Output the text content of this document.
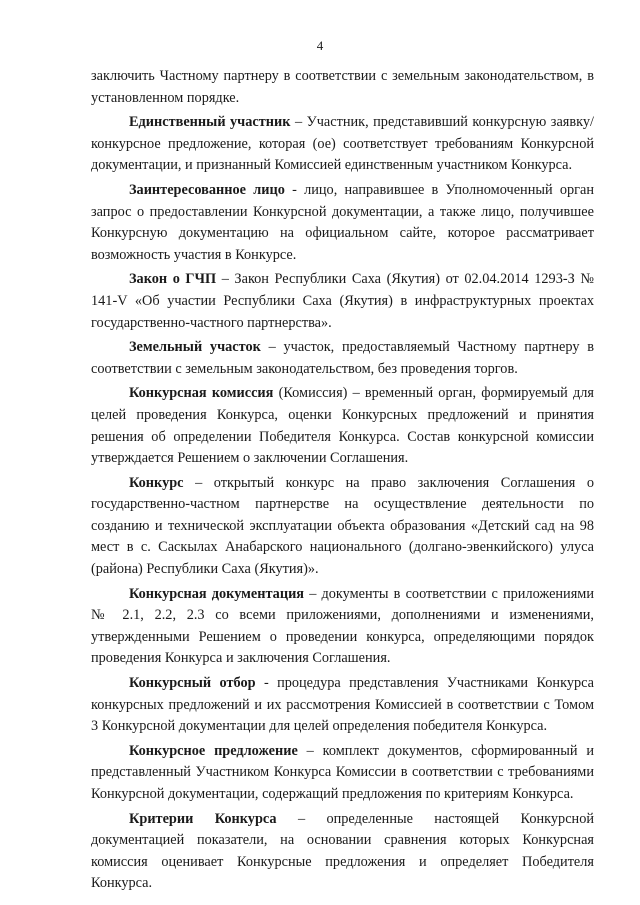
4

заключить Частному партнеру в соответствии с земельным законодательством, в установленном порядке.

Единственный участник – Участник, представивший конкурсную заявку/конкурсное предложение, которая (ое) соответствует требованиям Конкурсной документации, и признанный Комиссией единственным участником Конкурса.

Заинтересованное лицо - лицо, направившее в Уполномоченный орган запрос о предоставлении Конкурсной документации, а также лицо, получившее Конкурсную документацию на официальном сайте, которое рассматривает возможность участия в Конкурсе.

Закон о ГЧП – Закон Республики Саха (Якутия) от 02.04.2014 1293-З № 141-V «Об участии Республики Саха (Якутия) в инфраструктурных проектах государственно-частного партнерства».

Земельный участок – участок, предоставляемый Частному партнеру в соответствии с земельным законодательством, без проведения торгов.

Конкурсная комиссия (Комиссия) – временный орган, формируемый для целей проведения Конкурса, оценки Конкурсных предложений и принятия решения об определении Победителя Конкурса. Состав конкурсной комиссии утверждается Решением о заключении Соглашения.

Конкурс – открытый конкурс на право заключения Соглашения о государственно-частном партнерстве на осуществление деятельности по созданию и технической эксплуатации объекта образования «Детский сад на 98 мест в с. Саскылах Анабарского национального (долгано-эвенкийского) улуса (района) Республики Саха (Якутия)».

Конкурсная документация – документы в соответствии с приложениями № 2.1, 2.2, 2.3 со всеми приложениями, дополнениями и изменениями, утвержденными Решением о проведении конкурса, определяющими порядок проведения Конкурса и заключения Соглашения.

Конкурсный отбор - процедура представления Участниками Конкурса конкурсных предложений и их рассмотрения Комиссией в соответствии с Томом 3 Конкурсной документации для целей определения победителя Конкурса.

Конкурсное предложение – комплект документов, сформированный и представленный Участником Конкурса Комиссии в соответствии с требованиями Конкурсной документации, содержащий предложения по критериям Конкурса.

Критерии Конкурса – определенные настоящей Конкурсной документацией показатели, на основании сравнения которых Конкурсная комиссия оценивает Конкурсные предложения и определяет Победителя Конкурса.
